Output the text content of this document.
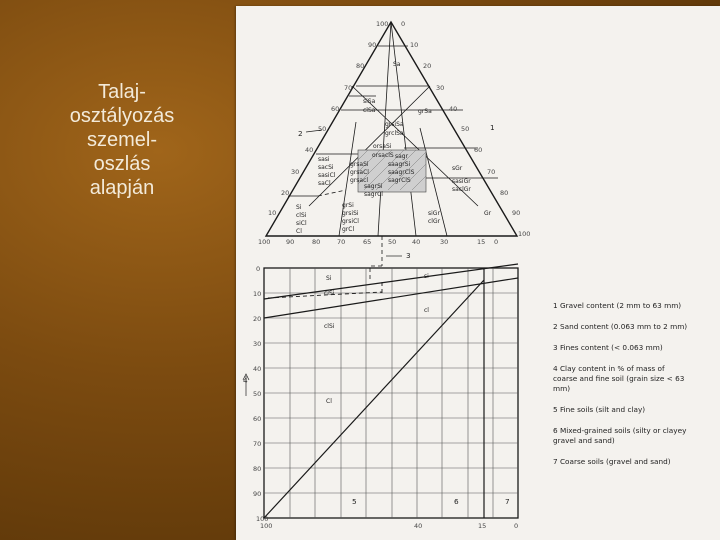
Talaj-
osztályozás
szemel-
oszlás
alapján
10
20
30
40
50
60
70
80
90
100 0
10
20
30
40
50
60
70
80
90
100
100 90	80	70	65	50 40	30	15 0
Sa
siSa
clSa	grSa
grsiSa
grclSa
orsaSi
orsaclS
sasi
sacSi
sasiCl
saCl
grsaSi
grsaCl
grsacl
saagrSi
saagrClS
sagrClS
sagr
sagrSi
sagrCl
sGr
sasiGr
saclGr
grSi
grsiSi
grsiCl
grCl
Si
clSi
siCl
Cl
siGr
clGr
Gr
2
3
1
0
10
20
30
40
50
60
70
80
90
100
100	40	15	0
Si	si
clSi
cl
clSi
Cl
5	6	7
4
1 Gravel content (2 mm to 63 mm)
2 Sand content (0.063 mm to 2 mm)
3 Fines content (< 0.063 mm)
4 Clay content in % of mass of
coarse and fine soil (grain size < 63
mm)
5 Fine soils (silt and clay)
6 Mixed-grained soils (silty or clayey
gravel and sand)
7 Coarse soils (gravel and sand)
